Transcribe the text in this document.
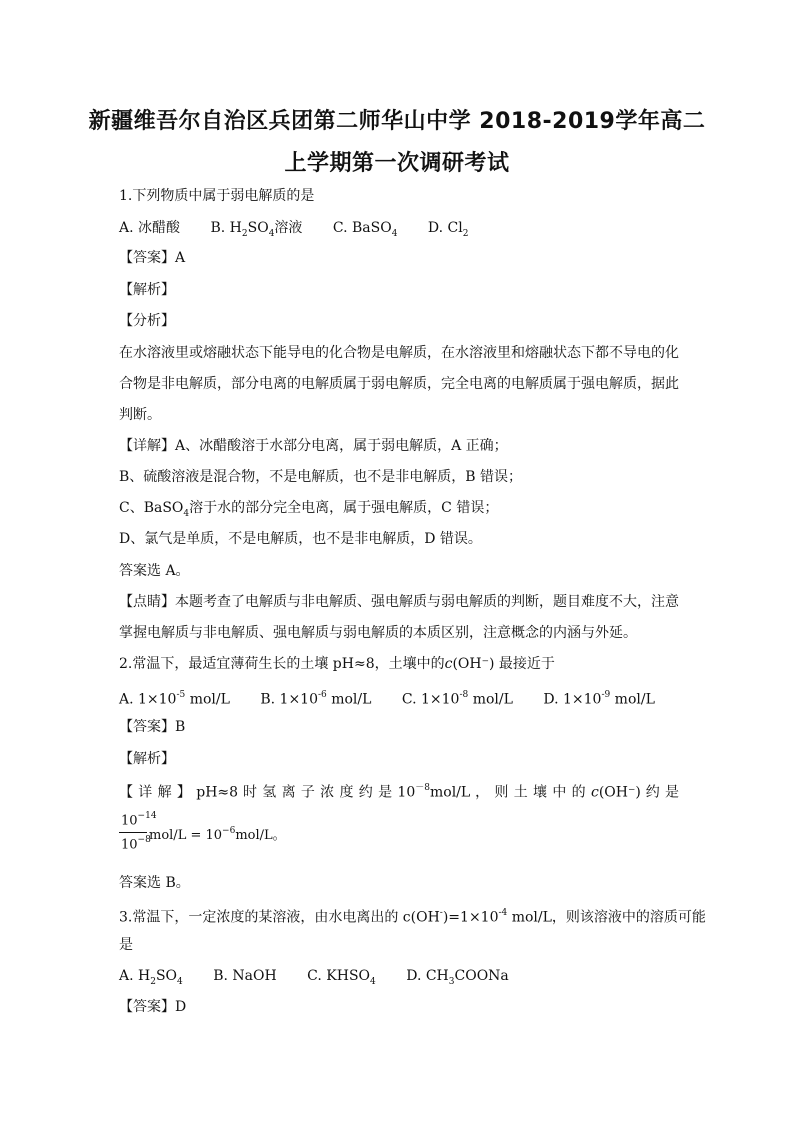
新疆维吾尔自治区兵团第二师华山中学 2018-2019学年高二
上学期第一次调研考试
1.下列物质中属于弱电解质的是
A. 冰醋酸 B. $H_2SO_4$溶液 C. BaSO$_4$ D. $Cl_2$
【答案】A
【解析】
【分析】
在水溶液里或熔融状态下能导电的化合物是电解质，在水溶液里和熔融状态下都不导电的化
合物是非电解质，部分电离的电解质属于弱电解质，完全电离的电解质属于强电解质，据此
判断。
【详解】A、冰醋酸溶于水部分电离，属于弱电解质，A 正确；
B、硫酸溶液是混合物，不是电解质，也不是非电解质，B 错误；
C、BaSO$_4$溶于水的部分完全电离，属于强电解质，C 错误；
D、氯气是单质，不是电解质，也不是非电解质，D 错误。
答案选 A。
【点睛】本题考查了电解质与非电解质、强电解质与弱电解质的判断，题目难度不大，注意
掌握电解质与非电解质、强电解质与弱电解质的本质区别，注意概念的内涵与外延。
2.常温下，最适宜薄荷生长的土壤 pH≈8，土壤中的c(OH⁻) 最接近于
A. $1\times 10^{-5}$ mol/L B. $1\times 10^{-6}$ mol/L C. $1\times 10^{-8}$ mol/L D. $1\times 10^{-9}$ mol/L
【答案】B
【解析】
【 详 解 】 pH≈8 时 氢 离 子 浓 度 约 是 $10^{-8}mol/L$ ， 则 土 壤 中 的 c(OH⁻) 约 是
$10^{-14}$
$10^{-8}$
$mol/L = 10^{-6}mol/L$。
答案选 B。
3.常温下，一定浓度的某溶液，由水电离出的 $c(OH^-)=1\times 10^{-4}$ mol/L，则该溶液中的溶质可能
是
A. $H_2SO_4$ B. NaOH C. $KHSO_4$ D. $CH_3COONa$
【答案】D
